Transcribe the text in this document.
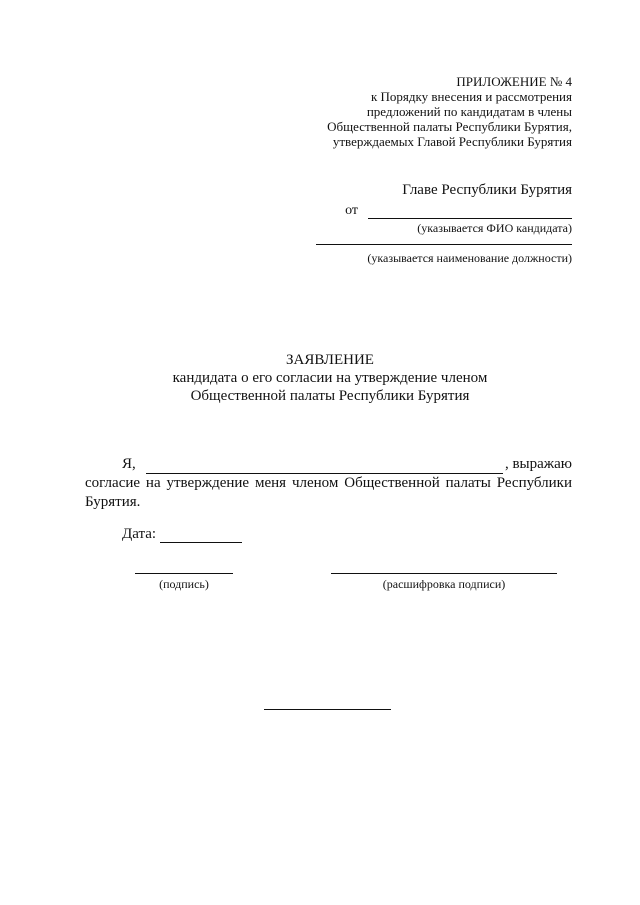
ПРИЛОЖЕНИЕ № 4
к Порядку внесения и рассмотрения
предложений по кандидатам в члены
Общественной палаты Республики Бурятия,
утверждаемых Главой Республики Бурятия
Главе Республики Бурятия
от
(указывается ФИО кандидата)
(указывается наименование должности)
ЗАЯВЛЕНИЕ
кандидата о его согласии на утверждение членом
Общественной палаты Республики Бурятия
Я,	, выражаю
согласие на утверждение меня членом Общественной палаты Республики
Бурятия.
Дата:
(подпись)	(расшифровка подписи)
